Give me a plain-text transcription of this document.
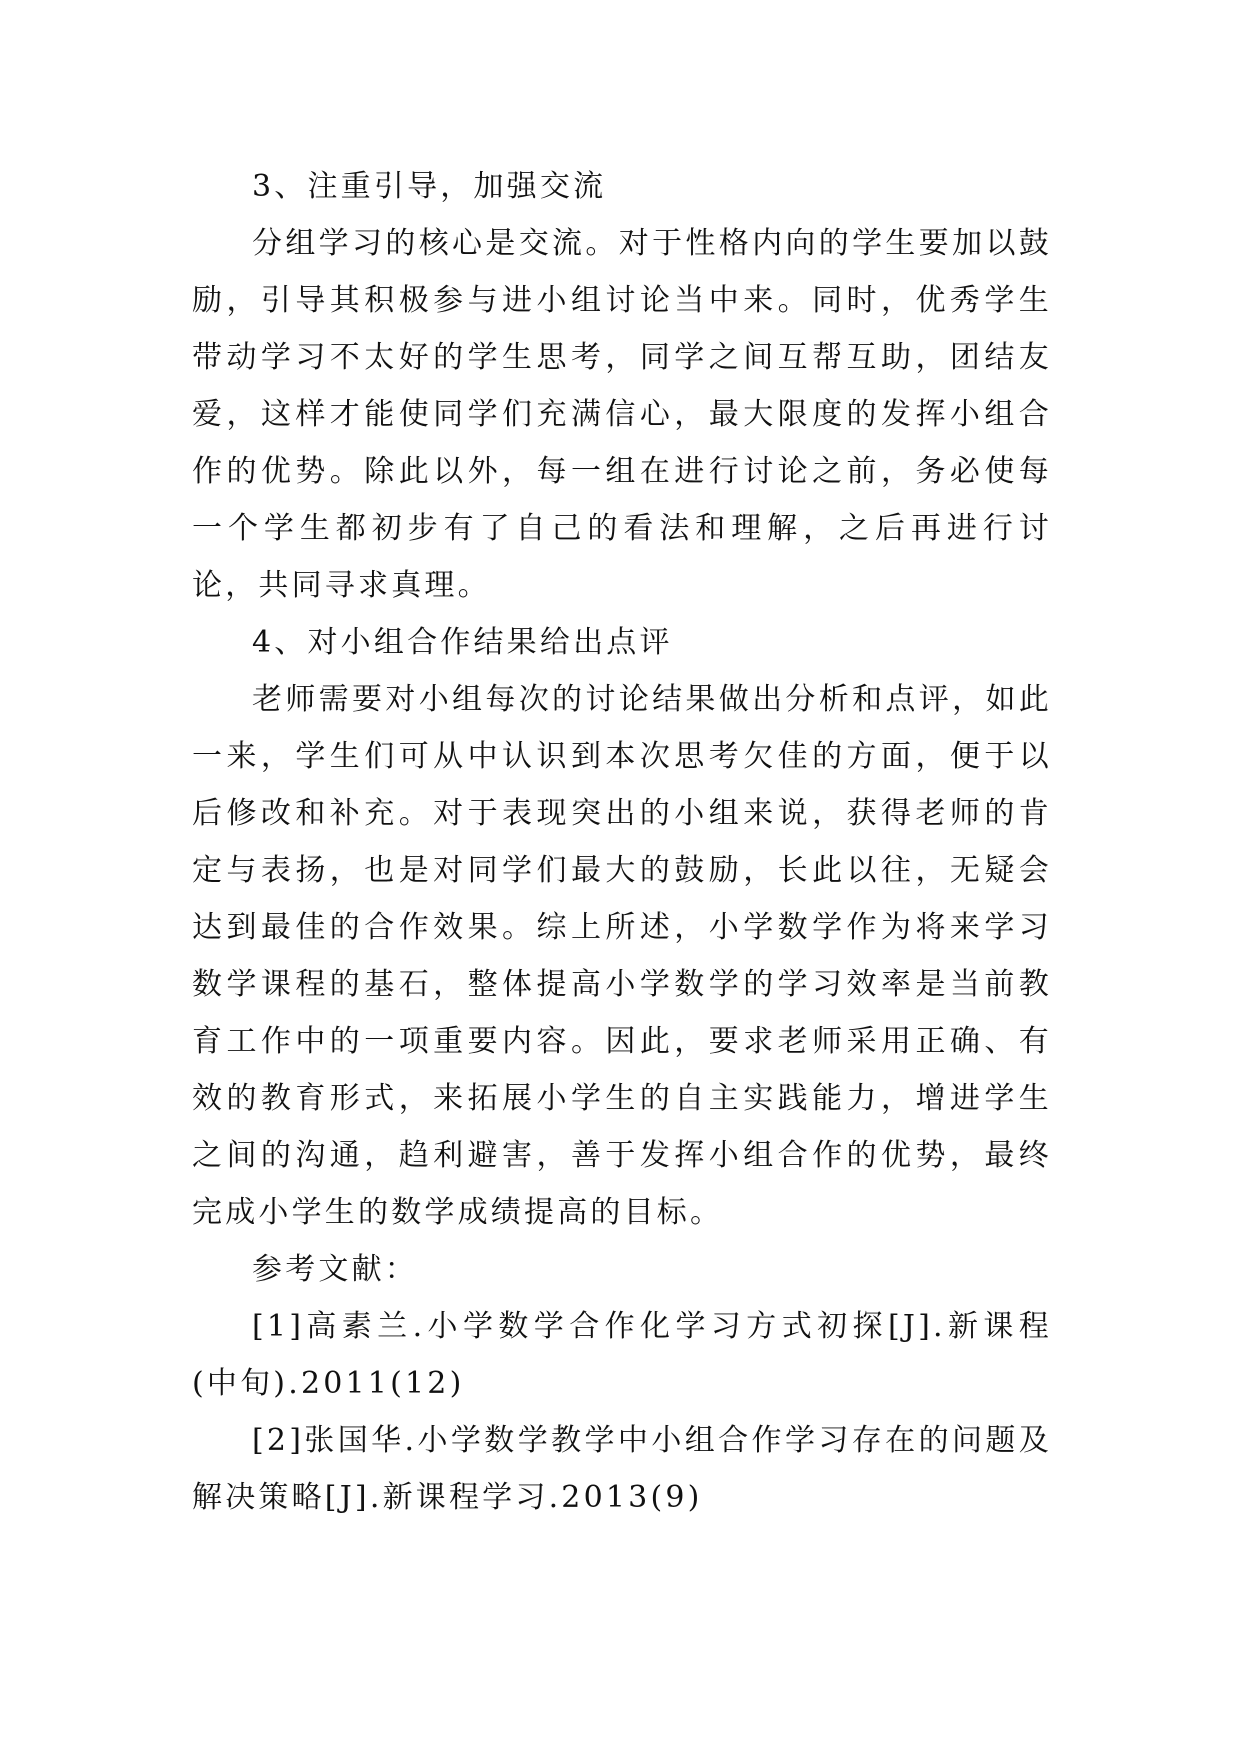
3、注重引导，加强交流

分组学习的核心是交流。对于性格内向的学生要加以鼓励，引导其积极参与进小组讨论当中来。同时，优秀学生带动学习不太好的学生思考，同学之间互帮互助，团结友爱，这样才能使同学们充满信心，最大限度的发挥小组合作的优势。除此以外，每一组在进行讨论之前，务必使每一个学生都初步有了自己的看法和理解，之后再进行讨论，共同寻求真理。

4、对小组合作结果给出点评

老师需要对小组每次的讨论结果做出分析和点评，如此一来，学生们可从中认识到本次思考欠佳的方面，便于以后修改和补充。对于表现突出的小组来说，获得老师的肯定与表扬，也是对同学们最大的鼓励，长此以往，无疑会达到最佳的合作效果。综上所述，小学数学作为将来学习数学课程的基石，整体提高小学数学的学习效率是当前教育工作中的一项重要内容。因此，要求老师采用正确、有效的教育形式，来拓展小学生的自主实践能力，增进学生之间的沟通，趋利避害，善于发挥小组合作的优势，最终完成小学生的数学成绩提高的目标。

参考文献：

[1]高素兰.小学数学合作化学习方式初探[J].新课程(中旬).2011(12)

[2]张国华.小学数学教学中小组合作学习存在的问题及解决策略[J].新课程学习.2013(9)
